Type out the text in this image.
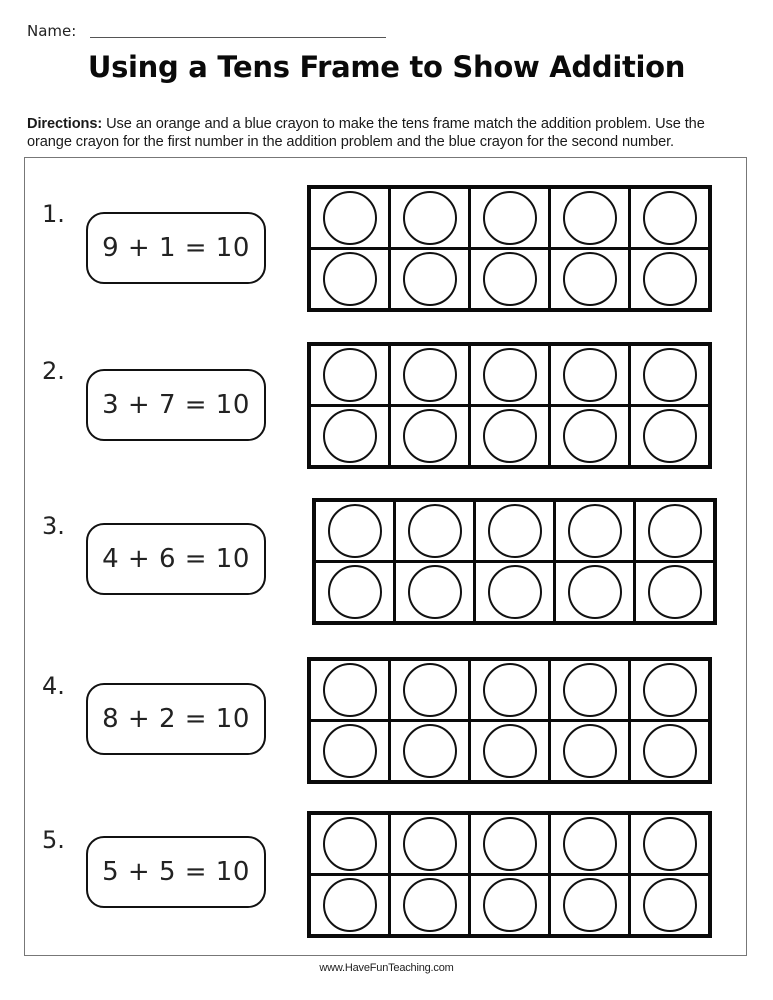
Name:
Using a Tens Frame to Show Addition
Directions: Use an orange and a blue crayon to make the tens frame match the addition problem. Use the orange crayon for the first number in the addition problem and the blue crayon for the second number.
1.
9 + 1 = 10
2.
3 + 7 = 10
3.
4 + 6 = 10
4.
8 + 2 = 10
5.
5 + 5 = 10
www.HaveFunTeaching.com
